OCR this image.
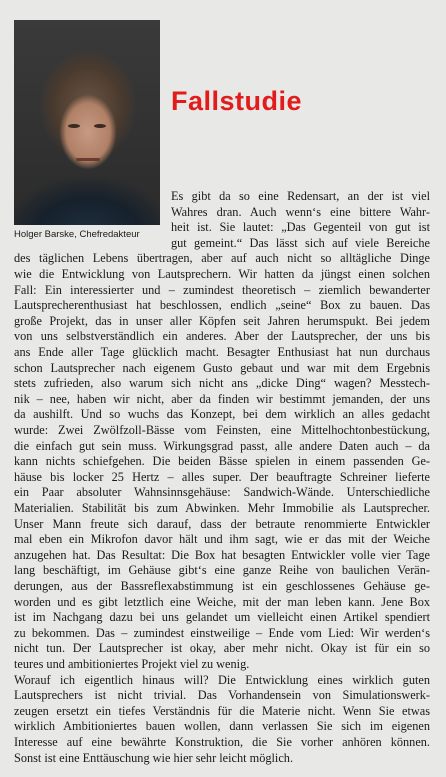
Holger Barske, Chefredakteur
Fallstudie
Es gibt da so eine Redensart, an der ist viel
Wahres dran. Auch wenn‘s eine bittere Wahr-
heit ist. Sie lautet: „Das Gegenteil von gut ist
gut gemeint.“ Das lässt sich auf viele Bereiche
des täglichen Lebens übertragen, aber auf auch nicht so alltägliche Dinge
wie die Entwicklung von Lautsprechern. Wir hatten da jüngst einen solchen
Fall: Ein interessierter und – zumindest theoretisch – ziemlich bewanderter
Lautsprecherenthusiast hat beschlossen, endlich „seine“ Box zu bauen. Das
große Projekt, das in unser aller Köpfen seit Jahren herumspukt. Bei jedem
von uns selbstverständlich ein anderes. Aber der Lautsprecher, der uns bis
ans Ende aller Tage glücklich macht. Besagter Enthusiast hat nun durchaus
schon Lautsprecher nach eigenem Gusto gebaut und war mit dem Ergebnis
stets zufrieden, also warum sich nicht ans „dicke Ding“ wagen? Messtech-
nik – nee, haben wir nicht, aber da finden wir bestimmt jemanden, der uns
da aushilft. Und so wuchs das Konzept, bei dem wirklich an alles gedacht
wurde: Zwei Zwölfzoll-Bässe vom Feinsten, eine Mittelhochtonbestückung,
die einfach gut sein muss. Wirkungsgrad passt, alle andere Daten auch – da
kann nichts schiefgehen. Die beiden Bässe spielen in einem passenden Ge-
häuse bis locker 25 Hertz – alles super. Der beauftragte Schreiner lieferte
ein Paar absoluter Wahnsinnsgehäuse: Sandwich-Wände. Unterschiedliche
Materialien. Stabilität bis zum Abwinken. Mehr Immobilie als Lautsprecher.
Unser Mann freute sich darauf, dass der betraute renommierte Entwickler
mal eben ein Mikrofon davor hält und ihm sagt, wie er das mit der Weiche
anzugehen hat. Das Resultat: Die Box hat besagten Entwickler volle vier Tage
lang beschäftigt, im Gehäuse gibt‘s eine ganze Reihe von baulichen Verän-
derungen, aus der Bassreflexabstimmung ist ein geschlossenes Gehäuse ge-
worden und es gibt letztlich eine Weiche, mit der man leben kann. Jene Box
ist im Nachgang dazu bei uns gelandet um vielleicht einen Artikel spendiert
zu bekommen. Das – zumindest einstweilige – Ende vom Lied: Wir werden‘s
nicht tun. Der Lautsprecher ist okay, aber mehr nicht. Okay ist für ein so
teures und ambitioniertes Projekt viel zu wenig.
Worauf ich eigentlich hinaus will? Die Entwicklung eines wirklich guten
Lautsprechers ist nicht trivial. Das Vorhandensein von Simulationswerk-
zeugen ersetzt ein tiefes Verständnis für die Materie nicht. Wenn Sie etwas
wirklich Ambitioniertes bauen wollen, dann verlassen Sie sich im eigenen
Interesse auf eine bewährte Konstruktion, die Sie vorher anhören können.
Sonst ist eine Enttäuschung wie hier sehr leicht möglich.
